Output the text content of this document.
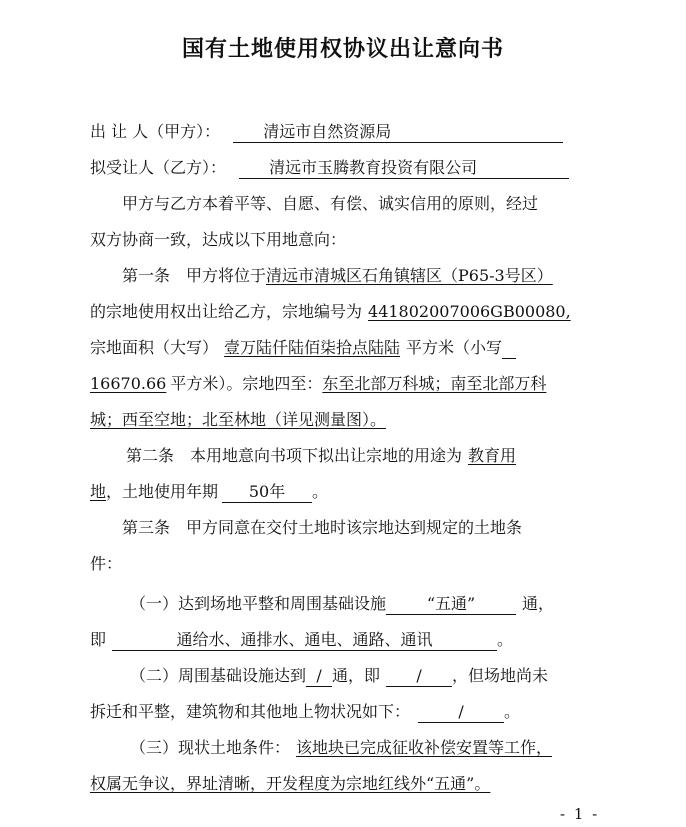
国有土地使用权协议出让意向书
出 让 人（甲方）：	清远市自然资源局
拟受让人（乙方）：	清远市玉腾教育投资有限公司
甲方与乙方本着平等、自愿、有偿、诚实信用的原则，经过
双方协商一致，达成以下用地意向：
第一条　甲方将位于清远市清城区石角镇辖区（P65-3号区）
的宗地使用权出让给乙方，宗地编号为 441802007006GB00080,
宗地面积（大写） 壹万陆仟陆佰柒拾点陆陆 平方米（小写
16670.66 平方米）。宗地四至：东至北部万科城；南至北部万科
城；西至空地；北至林地（详见测量图）。
第二条　本用地意向书项下拟出让宗地的用途为 教育用
地，土地使用年期 50年 。
第三条　甲方同意在交付土地时该宗地达到规定的土地条
件：
（一）达到场地平整和周围基础设施	“五通”	通，
即	通给水、通排水、通电、通路、通讯	。
（二）周围基础设施达到 / 通，即 / ，但场地尚未
拆迁和平整，建筑物和其他地上物状况如下：	/	。
（三）现状土地条件： 该地块已完成征收补偿安置等工作，
权属无争议，界址清晰，开发程度为宗地红线外“五通”。
- 1 -
